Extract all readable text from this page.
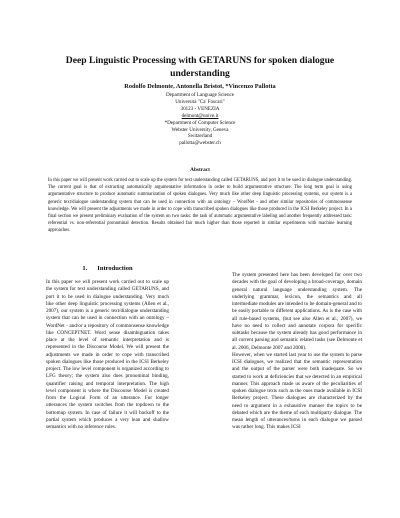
Deep Linguistic Processing with GETARUNS for spoken dialogue understanding
Rodolfo Delmonte, Antonella Bristot, *Vincenzo Pallotta
Department of Language Science
Università "Ca' Foscari"
30123 - VENEZIA
delmont@unive.it
*Department of Computer Science
Webster University, Geneva
Switzerland
pallotta@webster.ch
Abstract
In this paper we will present work carried out to scale up the system for text understanding called GETARUNS, and port it to be used in dialogue understanding. The current goal is that of extracting automatically argumentative information in order to build argumentative structure. The long term goal is using argumentative structure to produce automatic summarization of spoken dialogues. Very much like other deep linguistic processing systems, our system is a generic text/dialogue understanding system that can be used in connection with an ontology – WordNet - and other similar repositories of commonsense knowledge. We will present the adjustments we made in order to cope with transcribed spoken dialogues like those produced in the ICSI Berkeley project. In a final section we present preliminary evaluation of the system on two tasks: the task of automatic argumentative labeling and another frequently addressed task: referential vs. non-referential pronominal detection. Results obtained fair much higher than those reported in similar experiments with machine learning approaches.
1. Introduction

In this paper we will present work carried out to scale up the system for text understanding called GETARUNS, and port it to be used in dialogue understanding. Very much like other deep linguistic processing systems (Allen et al., 2007), our system is a generic text/dialogue understanding system that can be used in connection with an ontology – WordNet - and/or a repository of commonsense knowledge like CONCEPTNET. Word sense disambiguation takes place at the level of semantic interpretation and is represented in the Discourse Model. We will present the adjustments we made in order to cope with transcribed spoken dialogues like those produced in the ICSI Berkeley project. The low level component is organized according to LFG theory; the system also does pronominal binding, quantifier raising and temporal interpretation. The high level component is where the Discourse Model is created from the Logical Form of an utterance. For longer utterances the system switches from the topdown to the bottomup system. In case of failure it will backoff to the partial system which produces a very lean and shallow semantics with no inference rules.

The system presented here has been developed for over two decades with the goal of developing a broad-coverage, domain general natural language understanding system. The underlying grammar, lexicon, the semantics and all intermediate modules are intended to be domain-general and to be easily portable to different applications. As is the case with all rule-based systems, (but see also Allen et al., 2007), we have no need to collect and annotate corpora for specific subtasks because the system already has good performance in all current parsing and semantic related tasks (see Delmonte et al. 2006, Delmonte 2007 and 2008).

However, when we started last year to use the system to parse ICSI dialogues, we realized that the semantic representation and the output of the parser were both inadequate. So we started to work at deficiencies that we detected in an empirical manner. This approach made us aware of the peculiarities of spoken dialogue texts such as the ones made available in ICSI Berkeley project. These dialogues are characterized by the need to argument in a exhaustive manner the topics to be debated which are the theme of each multiparty dialogue. The mean length of utterances/turns in each dialogue we parsed was rather long. This makes ICSI
